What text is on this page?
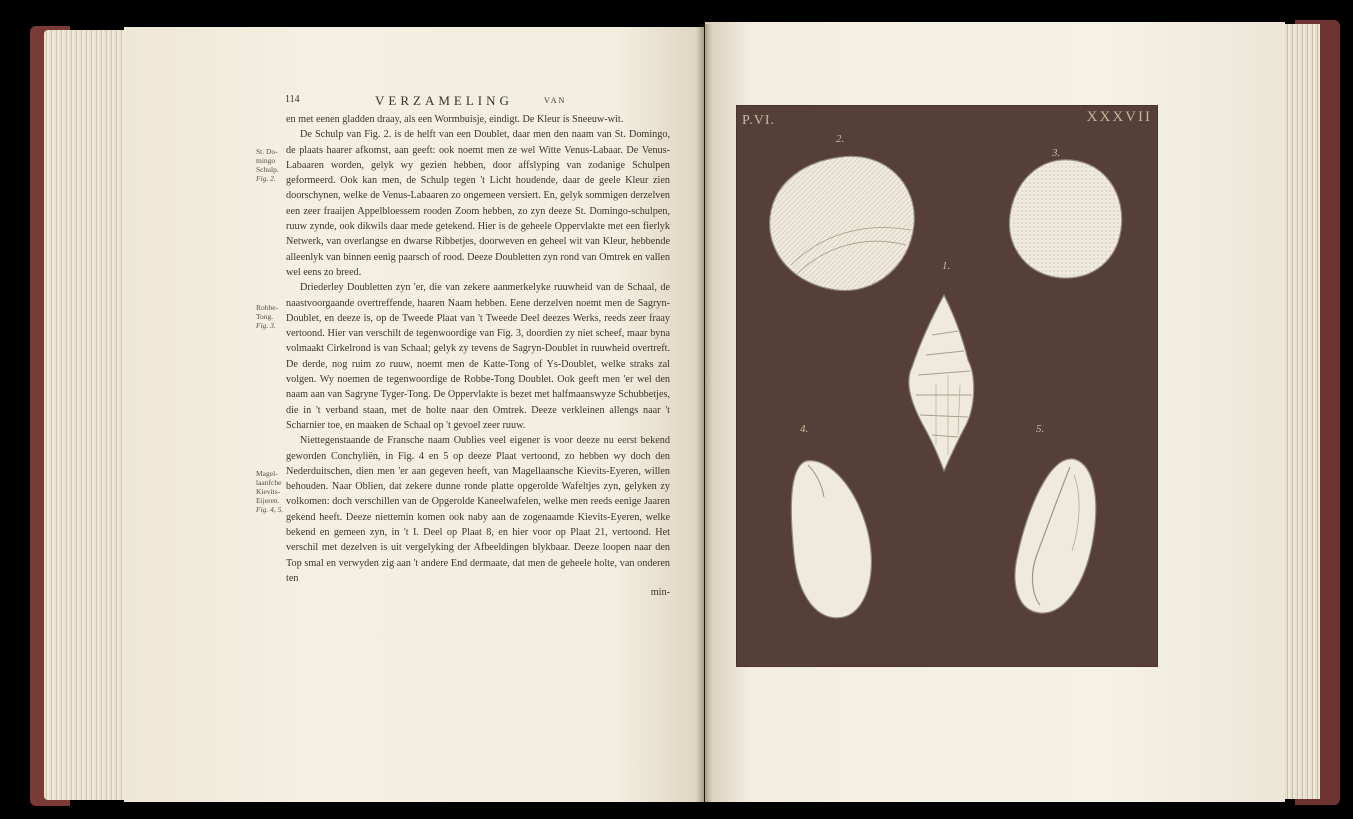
114	VERZAMELING	VAN
St. Do-
mingo
Schulp.
Fig. 2.
Robbe-
Tong.
Fig. 3.
Magel-
laanfche
Kievits-
Eijeren.
Fig. 4, 5.

en met eenen gladden draay, als een Wormbuisje, eindigt. De Kleur is Sneeuw-wit.

De Schulp van Fig. 2. is de helft van een Doublet, daar men den naam van St. Domingo, de plaats haarer afkomst, aan geeft: ook noemt men ze wel Witte Venus-Labaar. De Venus-Labaaren worden, gelyk wy gezien hebben, door affslyping van zodanige Schulpen geformeerd. Ook kan men, de Schulp tegen 't Licht houdende, daar de geele Kleur zien doorschynen, welke de Venus-Labaaren zo ongemeen versiert. En, gelyk sommigen derzelven een zeer fraaijen Appelbloessem rooden Zoom hebben, zo zyn deeze St. Domingo-schulpen, ruuw zynde, ook dikwils daar mede getekend. Hier is de geheele Oppervlakte met een fierlyk Netwerk, van overlangse en dwarse Ribbetjes, doorweven en geheel wit van Kleur, hebbende alleenlyk van binnen eenig paarsch of rood. Deeze Doubletten zyn rond van Omtrek en vallen wel eens zo breed.

Driederley Doubletten zyn 'er, die van zekere aanmerkelyke ruuwheid van de Schaal, de naastvoorgaande overtreffende, haaren Naam hebben. Eene derzelven noemt men de Sagryn-Doublet, en deeze is, op de Tweede Plaat van 't Tweede Deel deezes Werks, reeds zeer fraay vertoond. Hier van verschilt de tegenwoordige van Fig. 3, doordien zy niet scheef, maar byna volmaakt Cirkelrond is van Schaal; gelyk zy tevens de Sagryn-Doublet in ruuwheid overtreft. De derde, nog ruim zo ruuw, noemt men de Katte-Tong of Ys-Doublet, welke straks zal volgen. Wy noemen de tegenwoordige de Robbe-Tong Doublet. Ook geeft men 'er wel den naam aan van Sagryne Tyger-Tong. De Oppervlakte is bezet met halfmaanswyze Schubbetjes, die in 't verband staan, met de holte naar den Omtrek. Deeze verkleinen allengs naar 't Scharnier toe, en maaken de Schaal op 't gevoel zeer ruuw.

Niettegenstaande de Fransche naam Oublies veel eigener is voor deeze nu eerst bekend geworden Conchyliën, in Fig. 4 en 5 op deeze Plaat vertoond, zo hebben wy doch den Nederduitschen, dien men 'er aan gegeven heeft, van Magellaansche Kievits-Eyeren, willen behouden. Naar Oblien, dat zekere dunne ronde platte opgerolde Wafeltjes zyn, gelyken zy volkomen: doch verschillen van de Opgerolde Kaneelwafelen, welke men reeds eenige Jaaren gekend heeft. Deeze niettemin komen ook naby aan de zogenaamde Kievits-Eyeren, welke bekend en gemeen zyn, in 't I. Deel op Plaat 8, en hier voor op Plaat 21, vertoond. Het verschil met dezelven is uit vergelyking der Afbeeldingen blykbaar. Deeze loopen naar den Top smal en verwyden zig aan 't andere End dermaate, dat men de geheele holte, van onderen ten

min-
P.VI.	XXXVII
2.
3.
1.
4.	5.
